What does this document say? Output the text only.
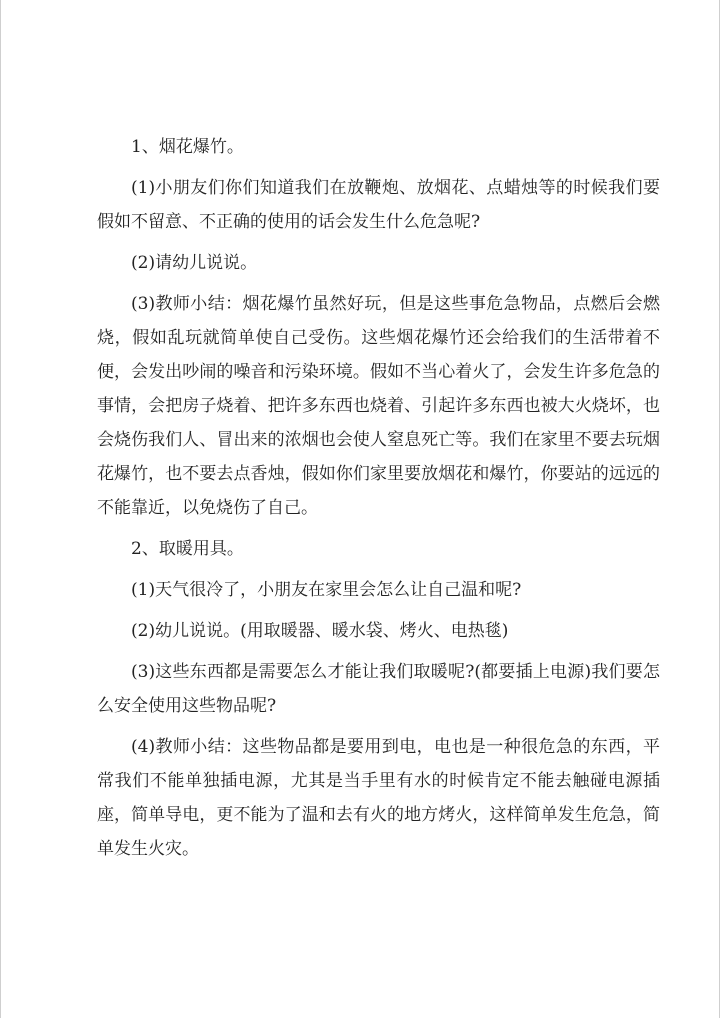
1、烟花爆竹。

(1)小朋友们你们知道我们在放鞭炮、放烟花、点蜡烛等的时候我们要假如不留意、不正确的使用的话会发生什么危急呢?

(2)请幼儿说说。

(3)教师小结：烟花爆竹虽然好玩，但是这些事危急物品，点燃后会燃烧，假如乱玩就简单使自己受伤。这些烟花爆竹还会给我们的生活带着不便，会发出吵闹的噪音和污染环境。假如不当心着火了，会发生许多危急的事情，会把房子烧着、把许多东西也烧着、引起许多东西也被大火烧坏，也会烧伤我们人、冒出来的浓烟也会使人窒息死亡等。我们在家里不要去玩烟花爆竹，也不要去点香烛，假如你们家里要放烟花和爆竹，你要站的远远的不能靠近，以免烧伤了自己。

2、取暖用具。

(1)天气很冷了，小朋友在家里会怎么让自己温和呢?

(2)幼儿说说。(用取暖器、暖水袋、烤火、电热毯)

(3)这些东西都是需要怎么才能让我们取暖呢?(都要插上电源)我们要怎么安全使用这些物品呢?

(4)教师小结：这些物品都是要用到电，电也是一种很危急的东西，平常我们不能单独插电源，尤其是当手里有水的时候肯定不能去触碰电源插座，简单导电，更不能为了温和去有火的地方烤火，这样简单发生危急，简单发生火灾。
